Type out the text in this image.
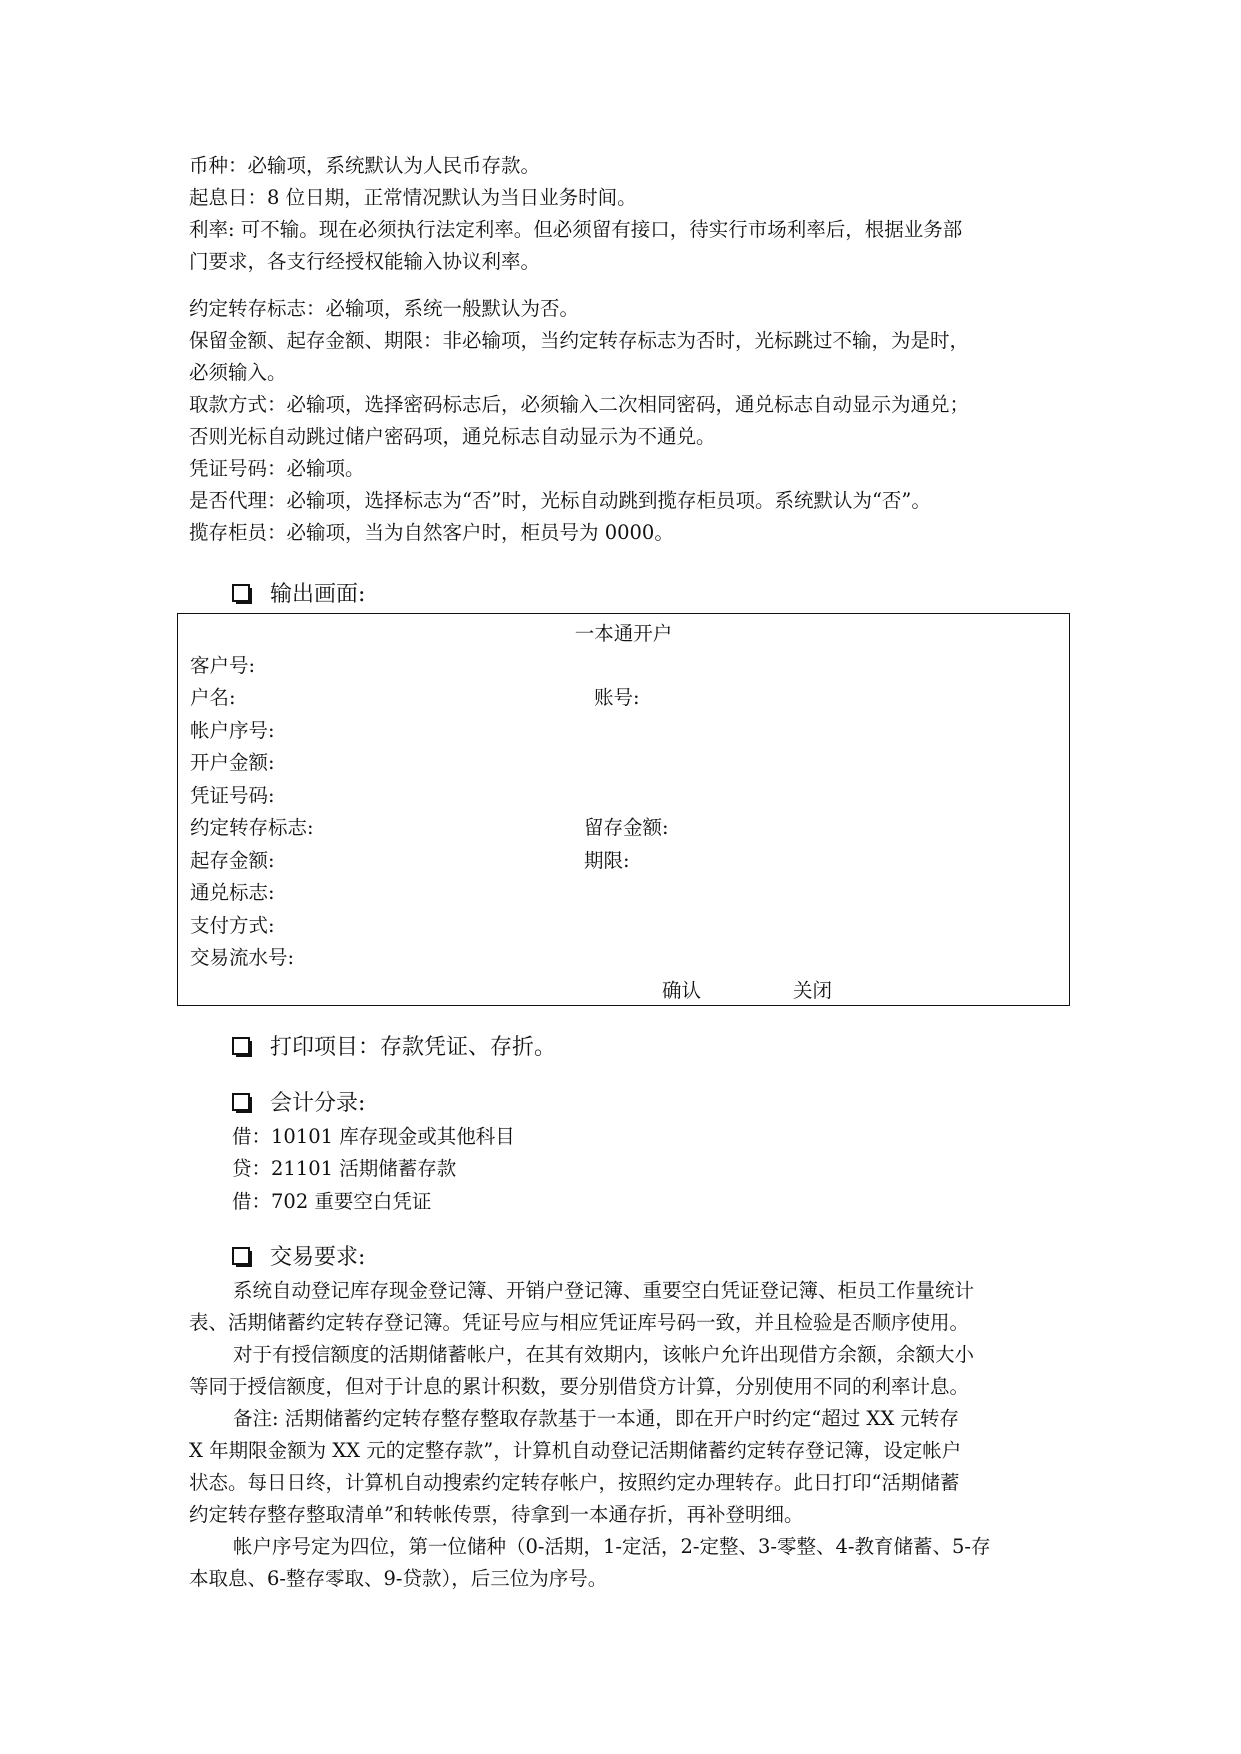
币种：必输项，系统默认为人民币存款。
起息日：8 位日期，正常情况默认为当日业务时间。
利率: 可不输。现在必须执行法定利率。但必须留有接口，待实行市场利率后，根据业务部
门要求，各支行经授权能输入协议利率。
约定转存标志：必输项，系统一般默认为否。
保留金额、起存金额、期限：非必输项，当约定转存标志为否时，光标跳过不输，为是时，
必须输入。
取款方式：必输项，选择密码标志后，必须输入二次相同密码，通兑标志自动显示为通兑；
否则光标自动跳过储户密码项，通兑标志自动显示为不通兑。
凭证号码：必输项。
是否代理：必输项，选择标志为“否”时，光标自动跳到揽存柜员项。系统默认为“否”。
揽存柜员：必输项，当为自然客户时，柜员号为 0000。
输出画面:
一本通开户
客户号:
户名:	账号:
帐户序号:
开户金额:
凭证号码:
约定转存标志:	留存金额:
起存金额:	期限:
通兑标志:
支付方式:
交易流水号:
确认	关闭
打印项目：存款凭证、存折。
会计分录:
借：10101 库存现金或其他科目
贷：21101 活期储蓄存款
借：702 重要空白凭证
交易要求:
系统自动登记库存现金登记簿、开销户登记簿、重要空白凭证登记簿、柜员工作量统计
表、活期储蓄约定转存登记簿。凭证号应与相应凭证库号码一致，并且检验是否顺序使用。
对于有授信额度的活期储蓄帐户，在其有效期内，该帐户允许出现借方余额，余额大小
等同于授信额度，但对于计息的累计积数，要分别借贷方计算，分别使用不同的利率计息。
备注: 活期储蓄约定转存整存整取存款基于一本通，即在开户时约定“超过 XX 元转存
X 年期限金额为 XX 元的定整存款”，计算机自动登记活期储蓄约定转存登记簿，设定帐户
状态。每日日终，计算机自动搜索约定转存帐户，按照约定办理转存。此日打印“活期储蓄
约定转存整存整取清单”和转帐传票，待拿到一本通存折，再补登明细。
帐户序号定为四位，第一位储种（0-活期，1-定活，2-定整、3-零整、4-教育储蓄、5-存
本取息、6-整存零取、9-贷款），后三位为序号。
